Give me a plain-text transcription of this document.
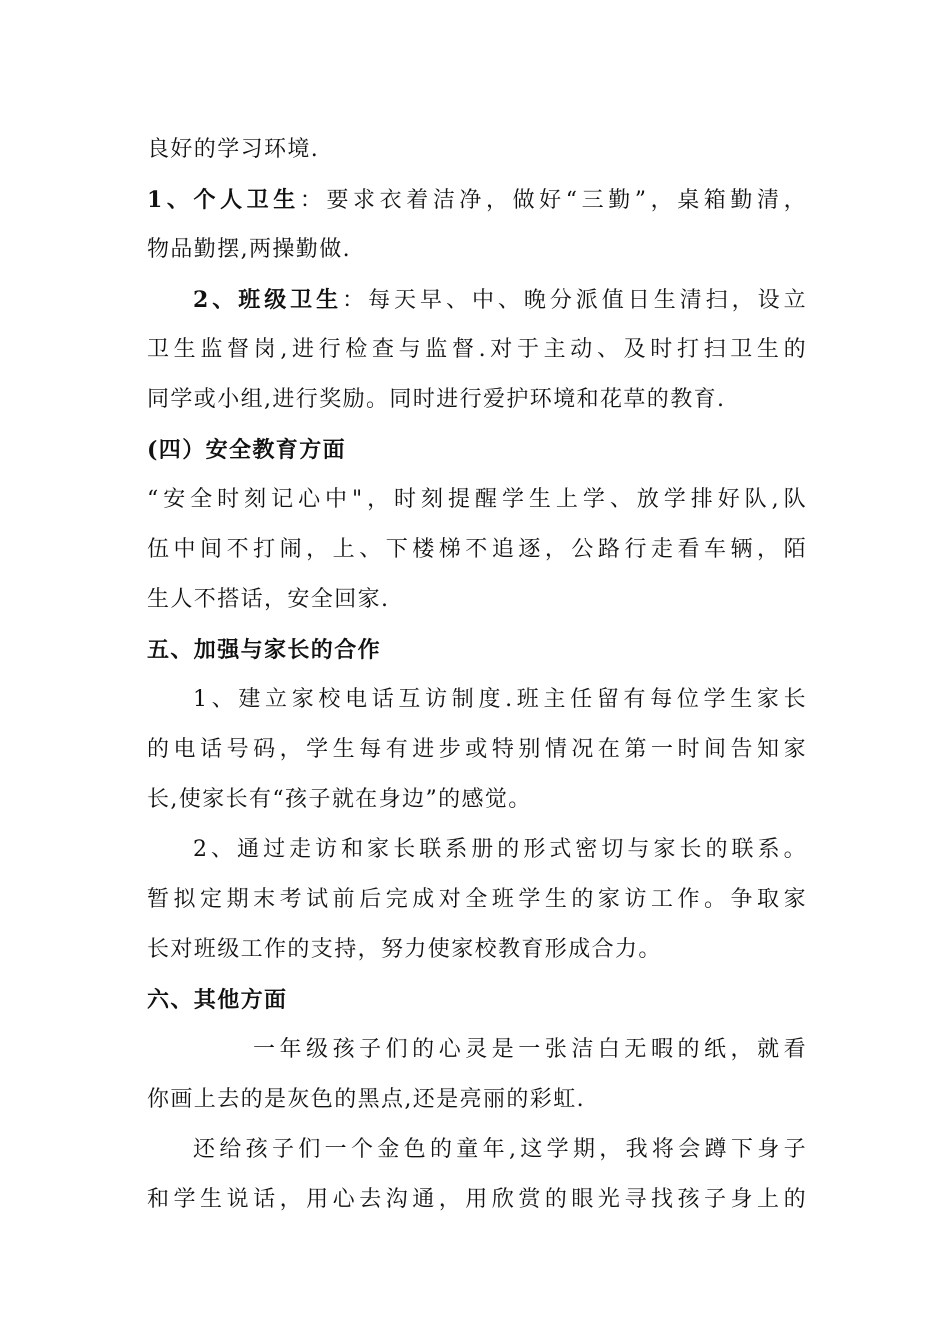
良好的学习环境.
1、个人卫生：要求衣着洁净，做好“三勤”，桌箱勤清，
物品勤摆,两操勤做.
2、班级卫生：每天早、中、晚分派值日生清扫，设立
卫生监督岗,进行检查与监督.对于主动、及时打扫卫生的
同学或小组,进行奖励。同时进行爱护环境和花草的教育.
(四）安全教育方面
“安全时刻记心中"，时刻提醒学生上学、放学排好队,队
伍中间不打闹，上、下楼梯不追逐，公路行走看车辆，陌
生人不搭话，安全回家.
五、加强与家长的合作
1、建立家校电话互访制度.班主任留有每位学生家长
的电话号码，学生每有进步或特别情况在第一时间告知家
长,使家长有“孩子就在身边”的感觉。
2、通过走访和家长联系册的形式密切与家长的联系。
暂拟定期末考试前后完成对全班学生的家访工作。争取家
长对班级工作的支持，努力使家校教育形成合力。
六、其他方面
一年级孩子们的心灵是一张洁白无暇的纸，就看
你画上去的是灰色的黑点,还是亮丽的彩虹.
还给孩子们一个金色的童年,这学期，我将会蹲下身子
和学生说话，用心去沟通，用欣赏的眼光寻找孩子身上的
